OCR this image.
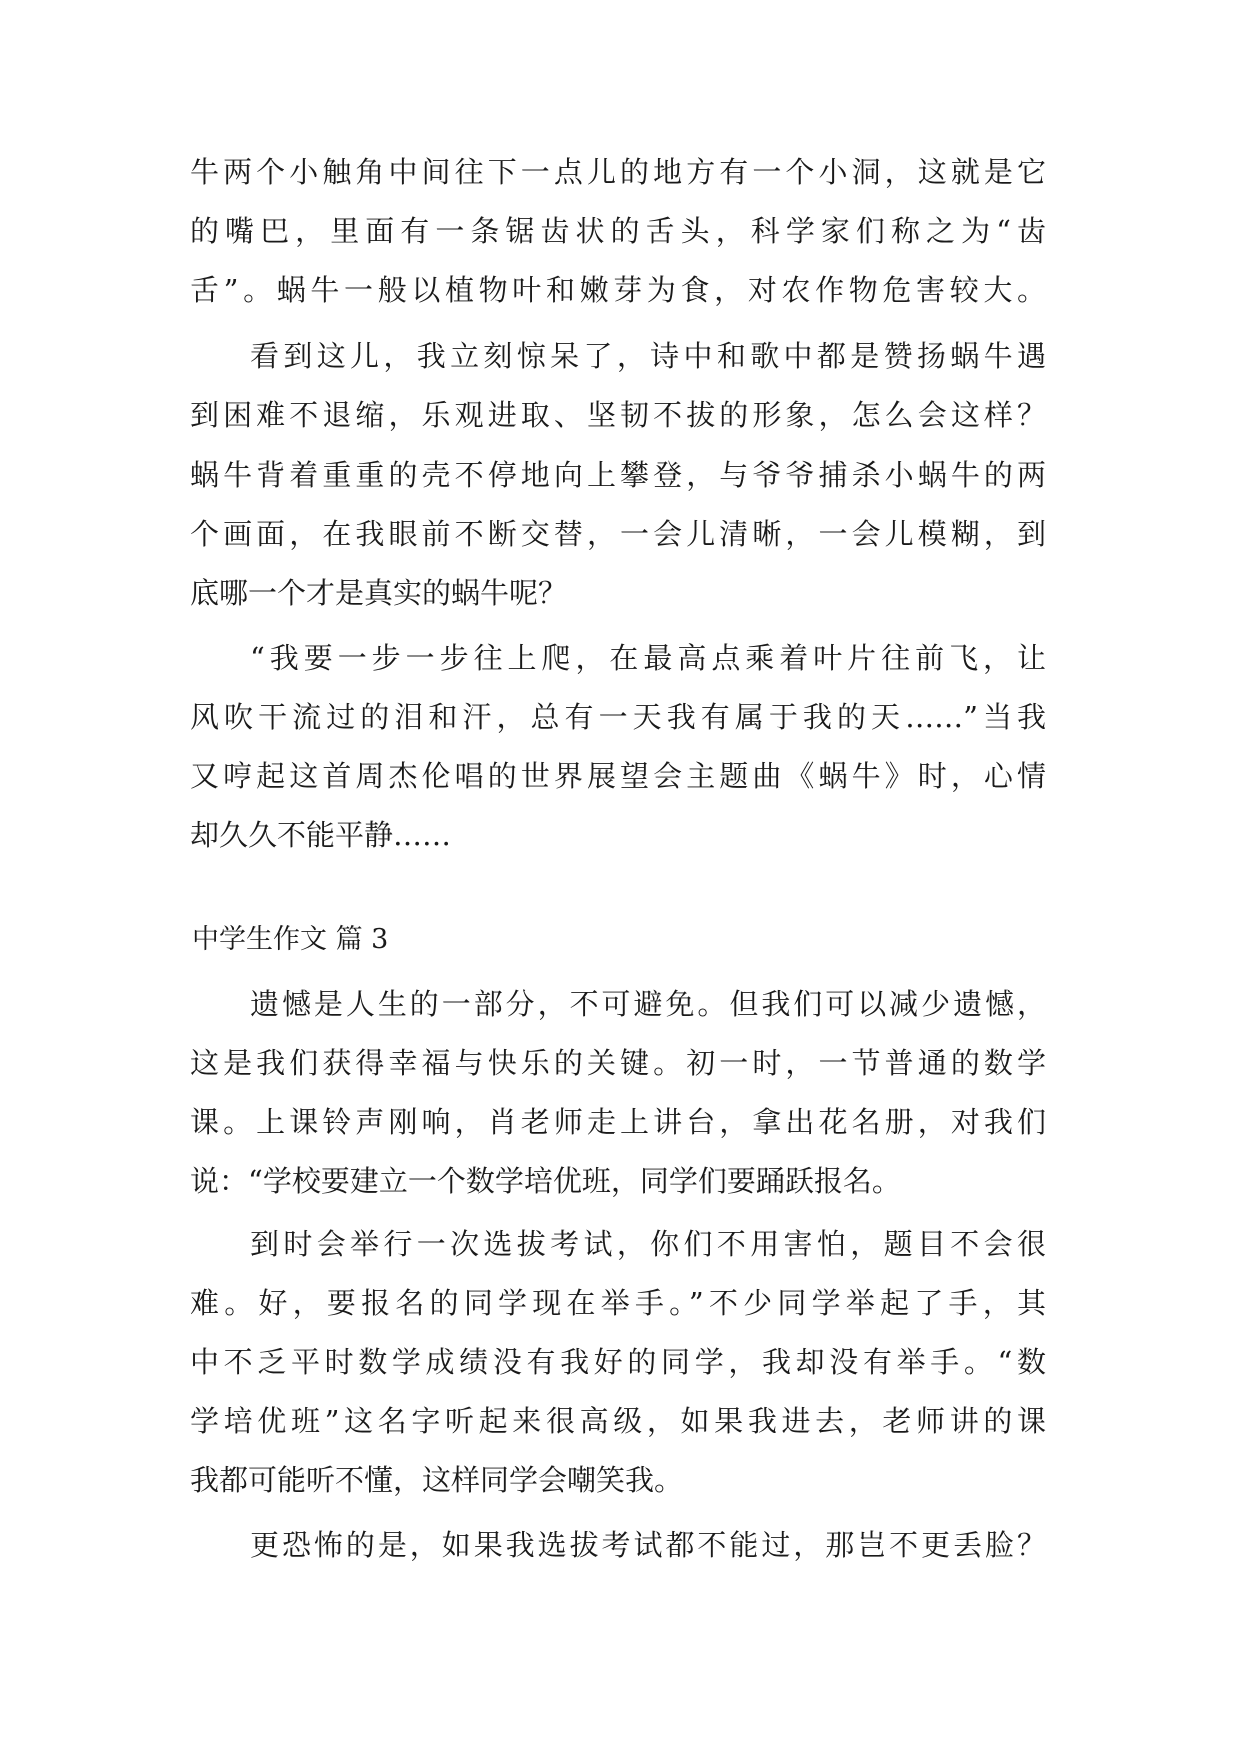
牛两个小触角中间往下一点儿的地方有一个小洞，这就是它
的嘴巴，里面有一条锯齿状的舌头，科学家们称之为“齿
舌”。蜗牛一般以植物叶和嫩芽为食，对农作物危害较大。
看到这儿，我立刻惊呆了，诗中和歌中都是赞扬蜗牛遇
到困难不退缩，乐观进取、坚韧不拔的形象，怎么会这样？
蜗牛背着重重的壳不停地向上攀登，与爷爷捕杀小蜗牛的两
个画面，在我眼前不断交替，一会儿清晰，一会儿模糊，到
底哪一个才是真实的蜗牛呢？
“我要一步一步往上爬，在最高点乘着叶片往前飞，让
风吹干流过的泪和汗，总有一天我有属于我的天……”当我
又哼起这首周杰伦唱的世界展望会主题曲《蜗牛》时，心情
却久久不能平静……
中学生作文 篇 3
遗憾是人生的一部分，不可避免。但我们可以减少遗憾，
这是我们获得幸福与快乐的关键。初一时，一节普通的数学
课。上课铃声刚响，肖老师走上讲台，拿出花名册，对我们
说：“学校要建立一个数学培优班，同学们要踊跃报名。
到时会举行一次选拔考试，你们不用害怕，题目不会很
难。好，要报名的同学现在举手。”不少同学举起了手，其
中不乏平时数学成绩没有我好的同学，我却没有举手。“数
学培优班”这名字听起来很高级，如果我进去，老师讲的课
我都可能听不懂，这样同学会嘲笑我。
更恐怖的是，如果我选拔考试都不能过，那岂不更丢脸？
